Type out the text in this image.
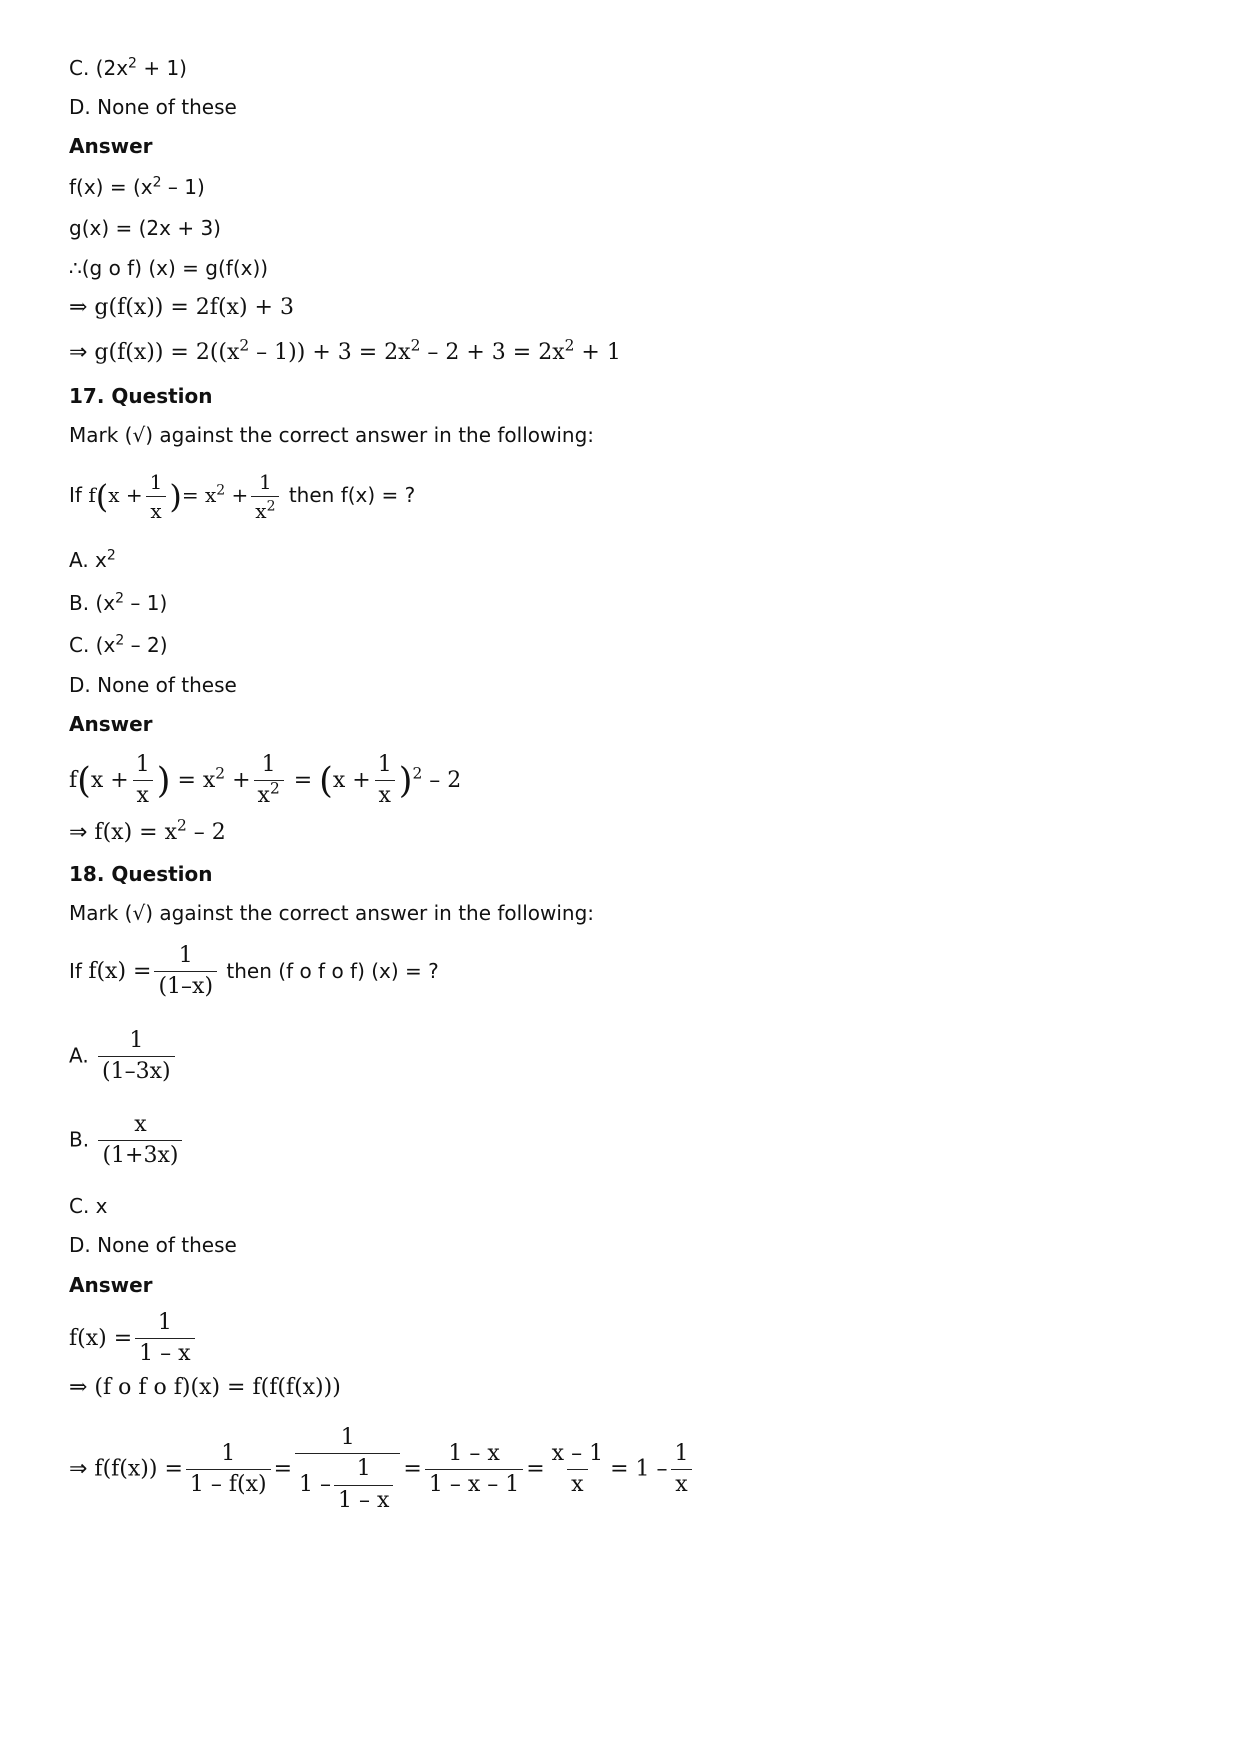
C. $(2x^2 + 1)$
D. None of these
Answer
$f(x) = (x^2 - 1)$
g(x) = (2x + 3)
∴(g o f) (x) = g(f(x))
⇒ g(f(x)) = 2f(x) + 3
⇒ $g(f(x)) = 2((x^2 - 1)) + 3 = 2x^2 - 2 + 3 = 2x^2 + 1$
17. Question
Mark (√) against the correct answer in the following:
If $f(x + \frac{1}{x}$ )= $x^2 + \frac{1}{x^2}$ then f(x) = ?
A. $x^2$
B. $(x^2 - 1)$
C. $(x^2 - 2)$
D. None of these
Answer
$f(x + \frac{1}{x}$ ) = $x^2 + \frac{1}{x^2} = (x + \frac{1}{x} )^2 - 2$
⇒ $f(x) = x^2 - 2$
18. Question
Mark (√) against the correct answer in the following:
If $f(x) = \frac{1}{(1-x)}$ then (f o f o f) (x) = ?
A. $\frac{1}{(1-3x)}$
B. $\frac{x}{(1+3x)}$
C. x
D. None of these
Answer
$f(x) = \frac{1}{1 - x}$
⇒ (f o f o f)(x) = f(f(f(x)))
⇒ $f(f(x)) = \frac{1}{1 - f(x)} = \frac{1}{1 - \frac{1}{1 - x}} = \frac{1 - x}{1 - x - 1} = \frac{x - 1}{x} = 1 - \frac{1}{x}$
